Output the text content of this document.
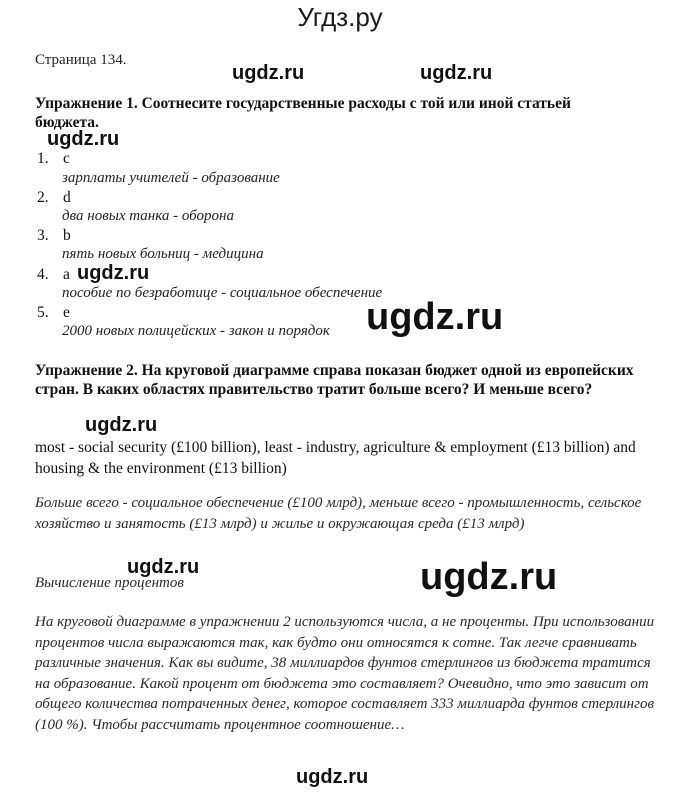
Угдз.ру
Страница 134.
ugdz.ru	ugdz.ru
Упражнение 1. Соотнесите государственные расходы с той или иной статьей бюджета.
ugdz.ru
1. c
зарплаты учителей - образование
2. d
два новых танка - оборона
3. b
пять новых больниц - медицина
4. a ugdz.ru
пособие по безработице - социальное обеспечение
5. e
2000 новых полицейских - закон и порядок ugdz.ru
Упражнение 2. На круговой диаграмме справа показан бюджет одной из европейских стран. В каких областях правительство тратит больше всего? И меньше всего?
ugdz.ru
most - social security (£100 billion), least - industry, agriculture & employment (£13 billion) and housing & the environment (£13 billion)
Больше всего - социальное обеспечение (£100 млрд), меньше всего - промышленность, сельское хозяйство и занятость (£13 млрд) и жилье и окружающая среда (£13 млрд)
ugdz.ru
Вычисление процентов	ugdz.ru
На круговой диаграмме в упражнении 2 используются числа, а не проценты. При использовании процентов числа выражаются так, как будто они относятся к сотне. Так легче сравнивать различные значения. Как вы видите, 38 миллиардов фунтов стерлингов из бюджета тратится на образование. Какой процент от бюджета это составляет? Очевидно, что это зависит от общего количества потраченных денег, которое составляет 333 миллиарда фунтов стерлингов (100 %). Чтобы рассчитать процентное соотношение…
ugdz.ru
